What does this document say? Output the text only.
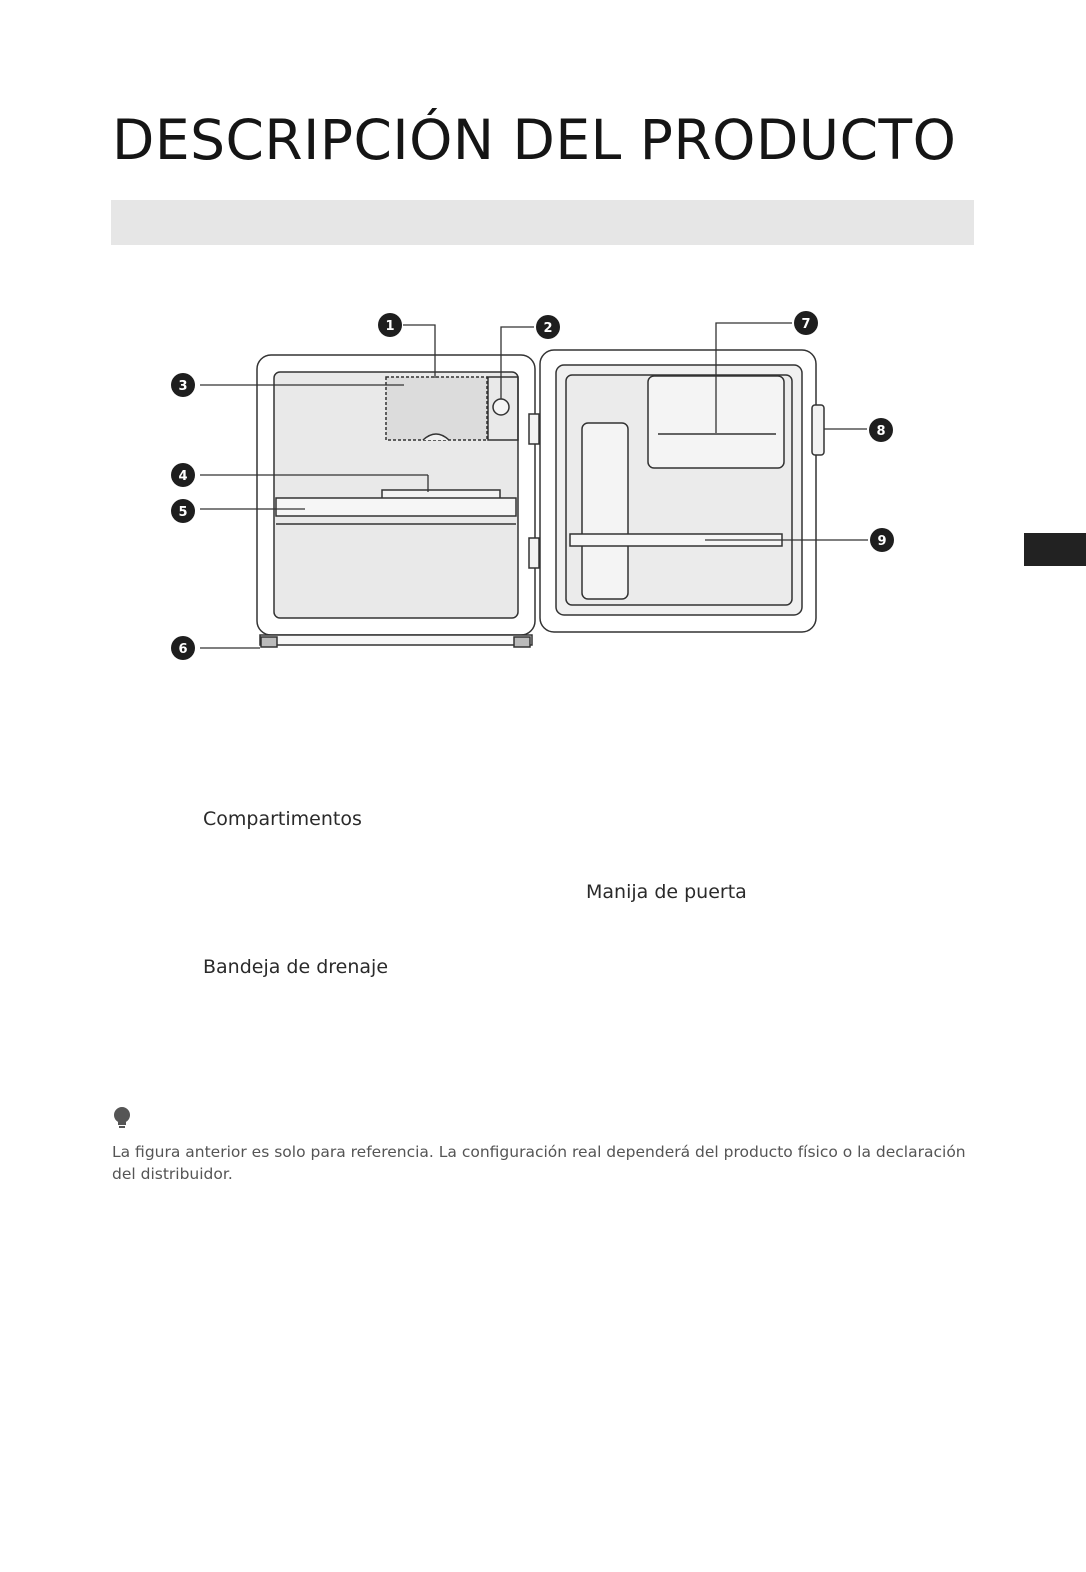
DESCRIPCIÓN DEL PRODUCTO
1	2
3
4
5
6
7
8
9
Compartimentos
Manija de puerta
Bandeja de drenaje
La figura anterior es solo para referencia. La configuración real dependerá del producto físico o la declaración del distribuidor.
